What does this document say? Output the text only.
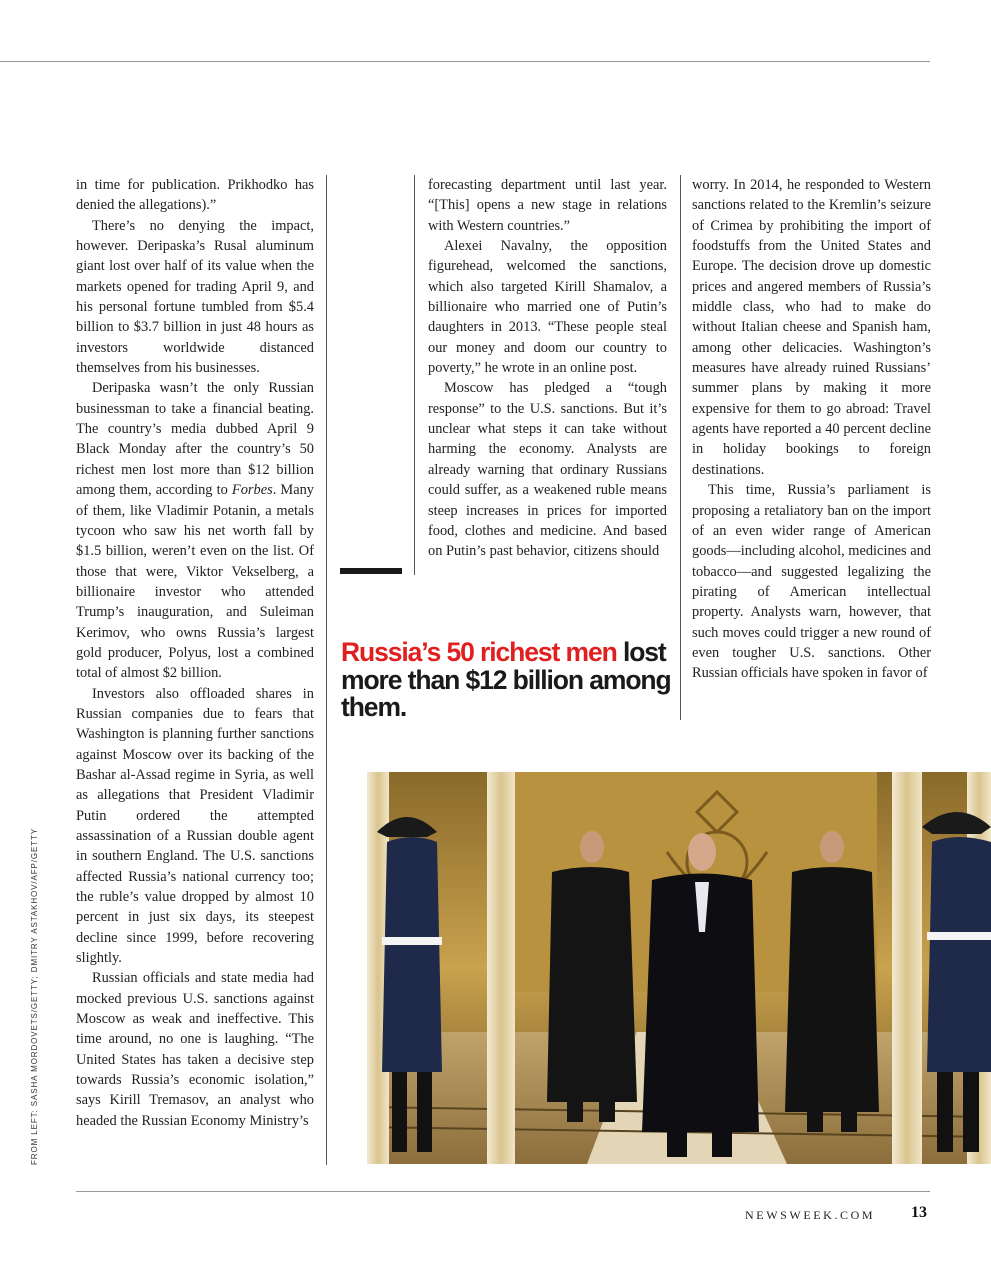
in time for publication. Prikhodko has denied the allegations).”

There’s no denying the impact, however. Deripaska’s Rusal aluminum giant lost over half of its value when the markets opened for trading April 9, and his personal fortune tumbled from $5.4 billion to $3.7 billion in just 48 hours as investors worldwide distanced themselves from his businesses.

Deripaska wasn’t the only Russian businessman to take a financial beating. The country’s media dubbed April 9 Black Monday after the country’s 50 richest men lost more than $12 billion among them, according to Forbes. Many of them, like Vladimir Potanin, a metals tycoon who saw his net worth fall by $1.5 billion, weren’t even on the list. Of those that were, Viktor Vekselberg, a billionaire investor who attended Trump’s inauguration, and Suleiman Kerimov, who owns Russia’s largest gold producer, Polyus, lost a combined total of almost $2 billion.

Investors also offloaded shares in Russian companies due to fears that Washington is planning further sanctions against Moscow over its backing of the Bashar al-Assad regime in Syria, as well as allegations that President Vladimir Putin ordered the attempted assassination of a Russian double agent in southern England. The U.S. sanctions affected Russia’s national currency too; the ruble’s value dropped by almost 10 percent in just six days, its steepest decline since 1999, before recovering slightly.

Russian officials and state media had mocked previous U.S. sanctions against Moscow as weak and ineffective. This time around, no one is laughing. “The United States has taken a decisive step towards Russia’s economic isolation,” says Kirill Tremasov, an analyst who headed the Russian Economy Ministry’s

forecasting department until last year. “[This] opens a new stage in relations with Western countries.”

Alexei Navalny, the opposition figurehead, welcomed the sanctions, which also targeted Kirill Shamalov, a billionaire who married one of Putin’s daughters in 2013. “These people steal our money and doom our country to poverty,” he wrote in an online post.

Moscow has pledged a “tough response” to the U.S. sanctions. But it’s unclear what steps it can take without harming the economy. Analysts are already warning that ordinary Russians could suffer, as a weakened ruble means steep increases in prices for imported food, clothes and medicine. And based on Putin’s past behavior, citizens should

worry. In 2014, he responded to Western sanctions related to the Kremlin’s seizure of Crimea by prohibiting the import of foodstuffs from the United States and Europe. The decision drove up domestic prices and angered members of Russia’s middle class, who had to make do without Italian cheese and Spanish ham, among other delicacies. Washington’s measures have already ruined Russians’ summer plans by making it more expensive for them to go abroad: Travel agents have reported a 40 percent decline in holiday bookings to foreign destinations.

This time, Russia’s parliament is proposing a retaliatory ban on the import of an even wider range of American goods—including alcohol, medicines and tobacco—and suggested legalizing the pirating of American intellectual property. Analysts warn, however, that such moves could trigger a new round of even tougher U.S. sanctions. Other Russian officials have spoken in favor of

Russia’s 50 richest men lost more than $12 billion among them.
FROM LEFT: SASHA MORDOVETS/GETTY; DMITRY ASTAKHOV/AFP/GETTY
NEWSWEEK.COM 13
